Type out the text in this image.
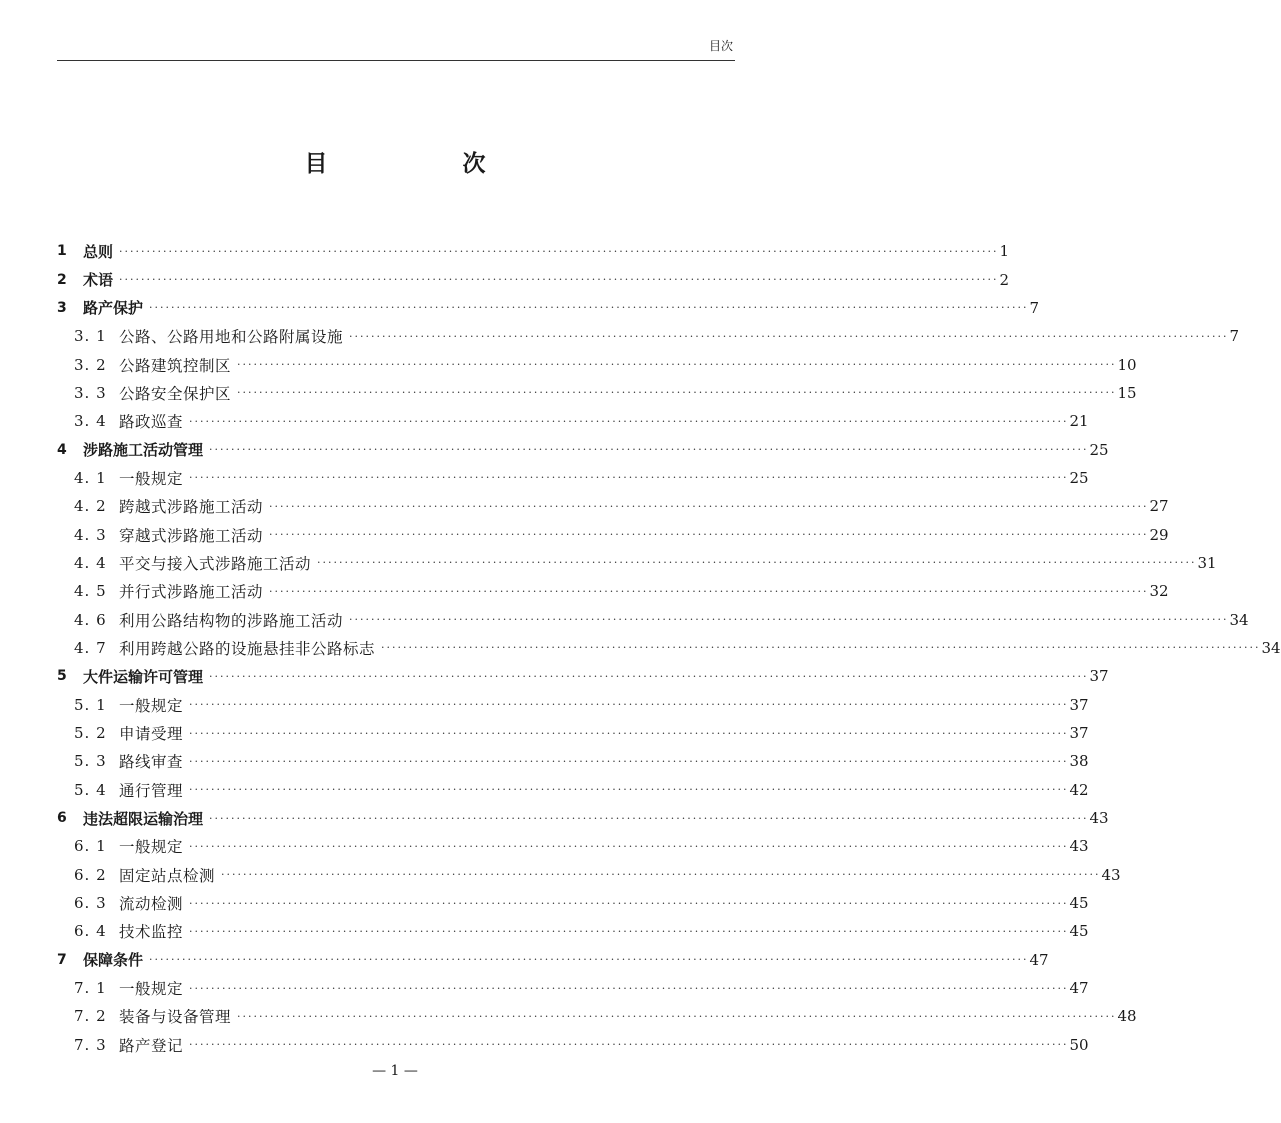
目次
目　次
1	总则 ································································································································································ 1
2	术语 ································································································································································ 2
3	路产保护 ································································································································································ 7
3. 1 公路、公路用地和公路附属设施 ································································································································································ 7
3. 2 公路建筑控制区 ································································································································································ 10
3. 3 公路安全保护区 ································································································································································ 15
3. 4 路政巡查 ································································································································································ 21
4	涉路施工活动管理 ································································································································································ 25
4. 1 一般规定 ································································································································································ 25
4. 2 跨越式涉路施工活动 ································································································································································ 27
4. 3 穿越式涉路施工活动 ································································································································································ 29
4. 4 平交与接入式涉路施工活动 ································································································································································ 31
4. 5 并行式涉路施工活动 ································································································································································ 32
4. 6 利用公路结构物的涉路施工活动 ································································································································································ 34
4. 7 利用跨越公路的设施悬挂非公路标志 ································································································································································ 34
5	大件运输许可管理 ································································································································································ 37
5. 1 一般规定 ································································································································································ 37
5. 2 申请受理 ································································································································································ 37
5. 3 路线审查 ································································································································································ 38
5. 4 通行管理 ································································································································································ 42
6	违法超限运输治理 ································································································································································ 43
6. 1 一般规定 ································································································································································ 43
6. 2 固定站点检测 ································································································································································ 43
6. 3 流动检测 ································································································································································ 45
6. 4 技术监控 ································································································································································ 45
7	保障条件 ································································································································································ 47
7. 1 一般规定 ································································································································································ 47
7. 2 装备与设备管理 ································································································································································ 48
7. 3 路产登记 ································································································································································ 50
— 1 —
